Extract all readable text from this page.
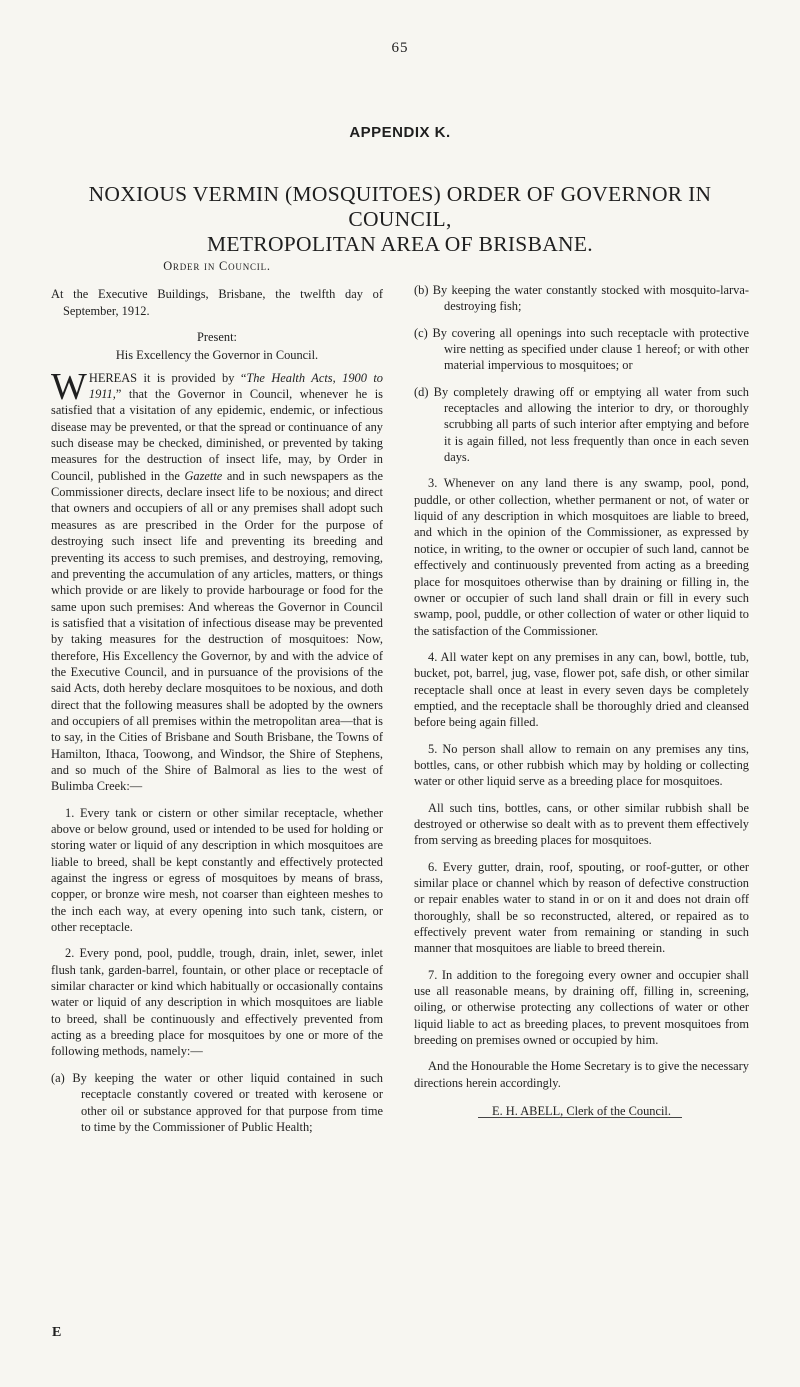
65
APPENDIX K.
NOXIOUS VERMIN (MOSQUITOES) ORDER OF GOVERNOR IN COUNCIL,
METROPOLITAN AREA OF BRISBANE.

Order in Council.

At the Executive Buildings, Brisbane, the twelfth day of September, 1912.

Present:

His Excellency the Governor in Council.

WHEREAS it is provided by “The Health Acts, 1900 to 1911,” that the Governor in Council, whenever he is satisfied that a visitation of any epidemic, endemic, or infectious disease may be prevented, or that the spread or continuance of any such disease may be checked, diminished, or prevented by taking measures for the destruction of insect life, may, by Order in Council, published in the Gazette and in such newspapers as the Commissioner directs, declare insect life to be noxious; and direct that owners and occupiers of all or any premises shall adopt such measures as are prescribed in the Order for the purpose of destroying such insect life and preventing its breeding and preventing its access to such premises, and destroying, removing, and preventing the accumulation of any articles, matters, or things which provide or are likely to provide harbourage or food for the same upon such premises: And whereas the Governor in Council is satisfied that a visitation of infectious disease may be prevented by taking measures for the destruction of mosquitoes: Now, therefore, His Excellency the Governor, by and with the advice of the Executive Council, and in pursuance of the provisions of the said Acts, doth hereby declare mosquitoes to be noxious, and doth direct that the following measures shall be adopted by the owners and occupiers of all premises within the metropolitan area—that is to say, in the Cities of Brisbane and South Brisbane, the Towns of Hamilton, Ithaca, Toowong, and Windsor, the Shire of Stephens, and so much of the Shire of Balmoral as lies to the west of Bulimba Creek:—

1. Every tank or cistern or other similar receptacle, whether above or below ground, used or intended to be used for holding or storing water or liquid of any description in which mosquitoes are liable to breed, shall be kept constantly and effectively protected against the ingress or egress of mosquitoes by means of brass, copper, or bronze wire mesh, not coarser than eighteen meshes to the inch each way, at every opening into such tank, cistern, or other receptacle.

2. Every pond, pool, puddle, trough, drain, inlet, sewer, inlet flush tank, garden-barrel, fountain, or other place or receptacle of similar character or kind which habitually or occasionally contains water or liquid of any description in which mosquitoes are liable to breed, shall be continuously and effectively prevented from acting as a breeding place for mosquitoes by one or more of the following methods, namely:—

(a) By keeping the water or other liquid contained in such receptacle constantly covered or treated with kerosene or other oil or substance approved for that purpose from time to time by the Commissioner of Public Health;

(b) By keeping the water constantly stocked with mosquito-larva-destroying fish;

(c) By covering all openings into such receptacle with protective wire netting as specified under clause 1 hereof; or with other material impervious to mosquitoes; or

(d) By completely drawing off or emptying all water from such receptacles and allowing the interior to dry, or thoroughly scrubbing all parts of such interior after emptying and before it is again filled, not less frequently than once in each seven days.

3. Whenever on any land there is any swamp, pool, pond, puddle, or other collection, whether permanent or not, of water or liquid of any description in which mosquitoes are liable to breed, and which in the opinion of the Commissioner, as expressed by notice, in writing, to the owner or occupier of such land, cannot be effectively and continuously prevented from acting as a breeding place for mosquitoes otherwise than by draining or filling in, the owner or occupier of such land shall drain or fill in every such swamp, pool, puddle, or other collection of water or other liquid to the satisfaction of the Commissioner.

4. All water kept on any premises in any can, bowl, bottle, tub, bucket, pot, barrel, jug, vase, flower pot, safe dish, or other similar receptacle shall once at least in every seven days be completely emptied, and the receptacle shall be thoroughly dried and cleansed before being again filled.

5. No person shall allow to remain on any premises any tins, bottles, cans, or other rubbish which may by holding or collecting water or other liquid serve as a breeding place for mosquitoes.

All such tins, bottles, cans, or other similar rubbish shall be destroyed or otherwise so dealt with as to prevent them effectively from serving as breeding places for mosquitoes.

6. Every gutter, drain, roof, spouting, or roof-gutter, or other similar place or channel which by reason of defective construction or repair enables water to stand in or on it and does not drain off thoroughly, shall be so reconstructed, altered, or repaired as to effectively prevent water from remaining or standing in such manner that mosquitoes are liable to breed therein.

7. In addition to the foregoing every owner and occupier shall use all reasonable means, by draining off, filling in, screening, oiling, or otherwise protecting any collections of water or other liquid liable to act as breeding places, to prevent mosquitoes from breeding on premises owned or occupied by him.

And the Honourable the Home Secretary is to give the necessary directions herein accordingly.

E. H. ABELL, Clerk of the Council.

E
